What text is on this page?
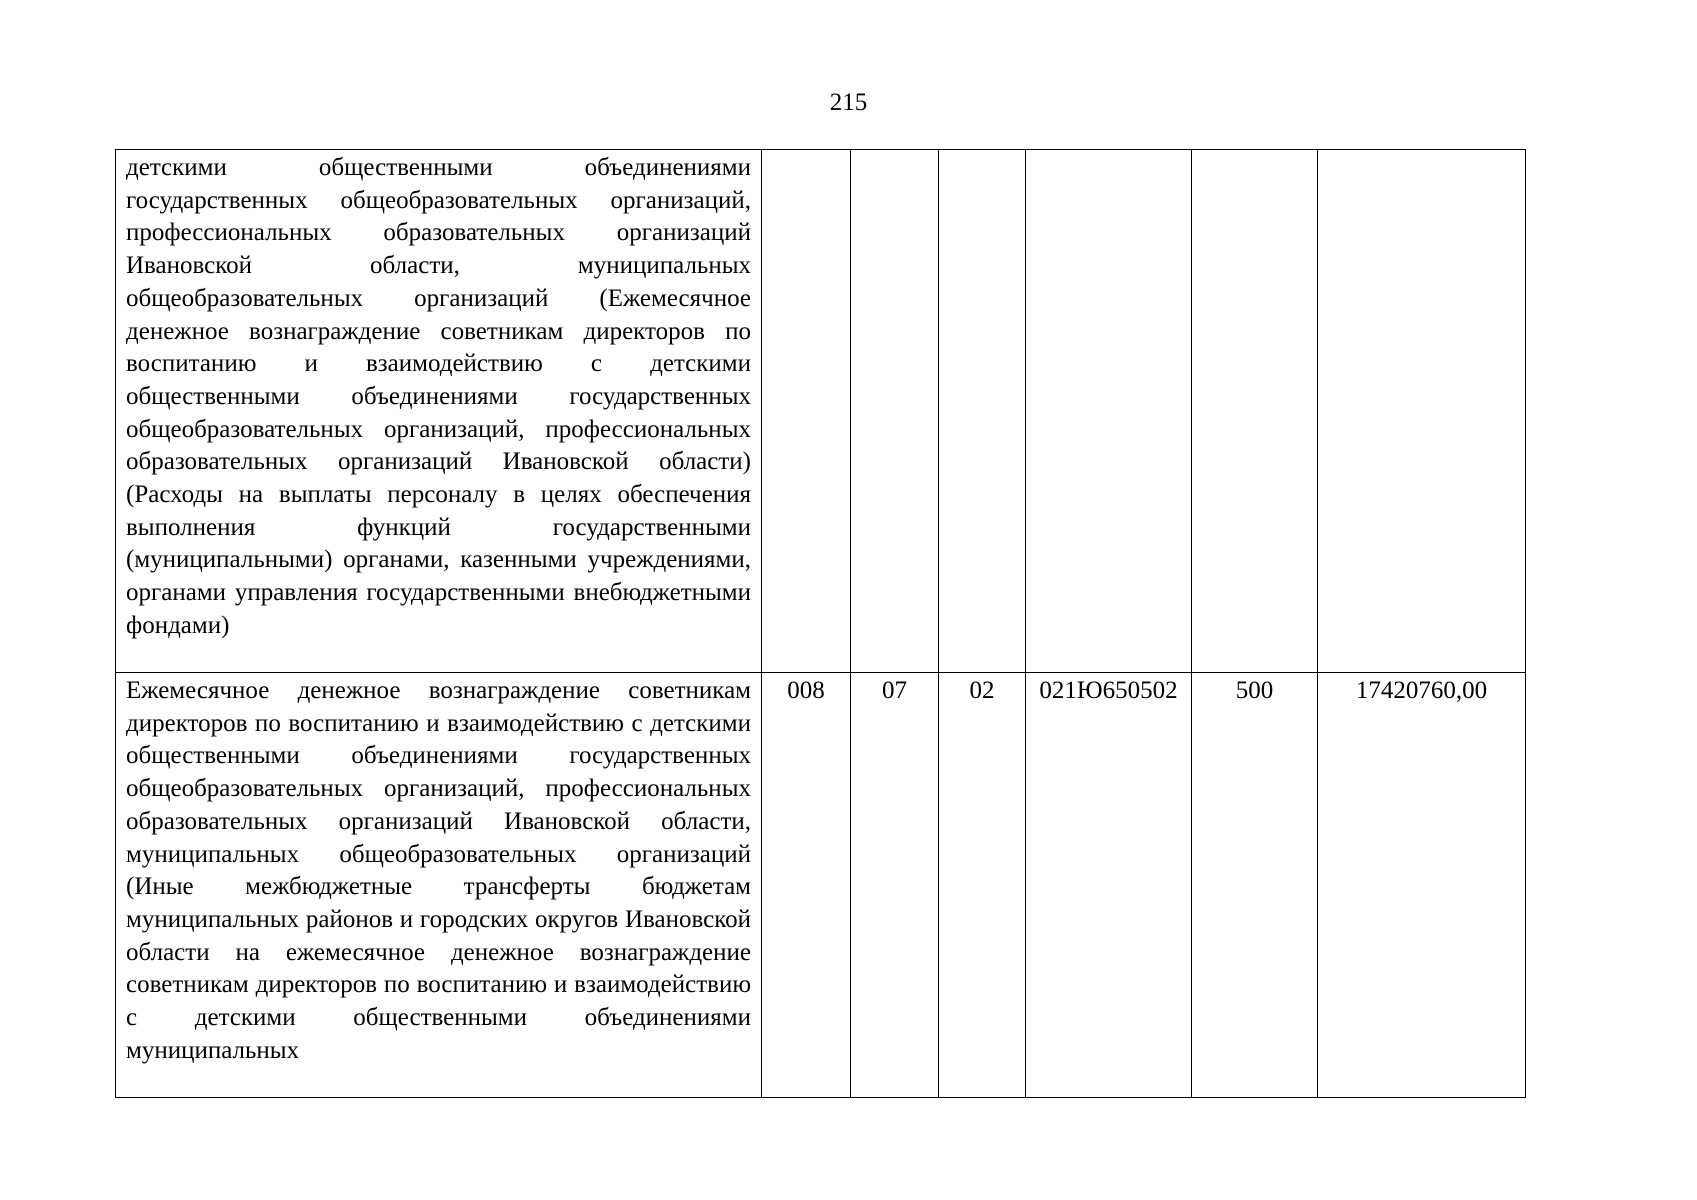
215
детскими общественными объединениями государственных общеобразовательных организаций, профессиональных образовательных организаций Ивановской области, муниципальных общеобразовательных организаций (Ежемесячное денежное вознаграждение советникам директоров по воспитанию и взаимодействию с детскими общественными объединениями государственных общеобразовательных организаций, профессиональных образовательных организаций Ивановской области) (Расходы на выплаты персоналу в целях обеспечения выполнения функций государственными (муниципальными) органами, казенными учреждениями, органами управления государственными внебюджетными
фондами)						

Ежемесячное денежное вознаграждение советникам директоров по воспитанию и взаимодействию с детскими общественными объединениями государственных общеобразовательных организаций, профессиональных образовательных организаций Ивановской области, муниципальных общеобразовательных организаций (Иные межбюджетные трансферты бюджетам муниципальных районов и городских округов Ивановской области на ежемесячное денежное вознаграждение советникам директоров по воспитанию и взаимодействию с детскими общественными объединениями муниципальных	008	07	02	021Ю650502	500	17420760,00
